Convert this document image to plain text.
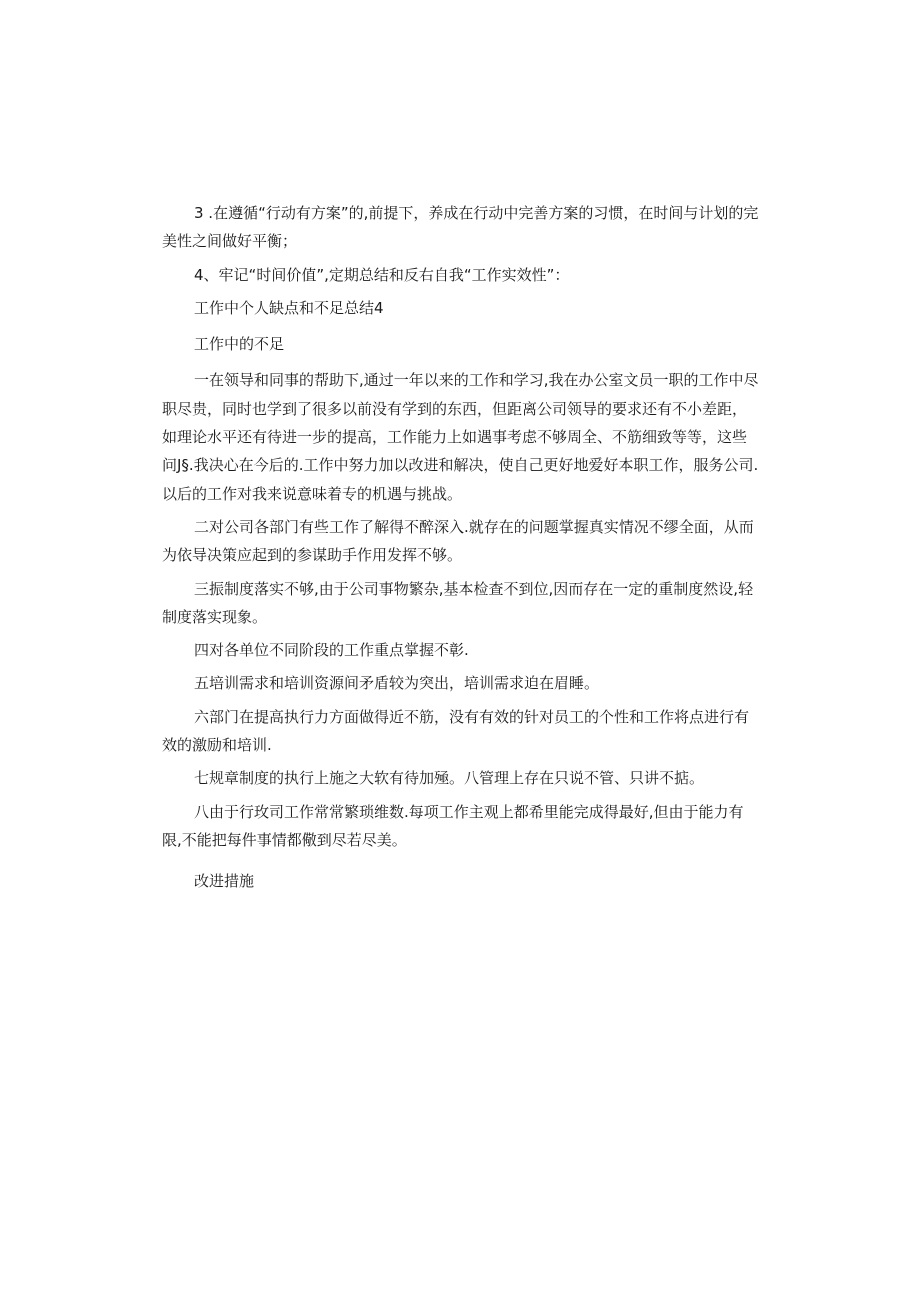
3 .在遵循“行动有方案”的,前提下，养成在行动中完善方案的习惯，在时间与计划的完美性之间做好平衡；

4、牢记“时间价值”,定期总结和反右自我“工作实效性”：

工作中个人缺点和不足总结4

工作中的不足

一在领导和同事的帮助下,通过一年以来的工作和学习,我在办公室文员一职的工作中尽职尽贵，同时也学到了很多以前没有学到的东西，但距离公司领导的要求还有不小差距，如理论水平还有待进一步的提高，工作能力上如遇事考虑不够周全、不筋细致等等，这些问J§.我决心在今后的.工作中努力加以改进和解决，使自己更好地爱好本职工作，服务公司.以后的工作对我来说意味着专的机遇与挑战。

二对公司各部门有些工作了解得不醉深入.就存在的问题掌握真实情况不缪全面，从而为依导决策应起到的参谋助手作用发挥不够。

三振制度落实不够,由于公司事物繁杂,基本检查不到位,因而存在一定的重制度然设,轻制度落实现象。

四对各单位不同阶段的工作重点掌握不彰.

五培训需求和培训资源间矛盾较为突出，培训需求迫在眉睡。

六部门在提高执行力方面做得近不筋，没有有效的针对员工的个性和工作将点进行有效的激励和培训.

七规章制度的执行上施之大软有待加殛。八管理上存在只说不管、只讲不掂。

八由于行玫司工作常常繁琐维数.每项工作主观上都希里能完成得最好,但由于能力有限,不能把每件事情都儆到尽若尽美。

改进措施
